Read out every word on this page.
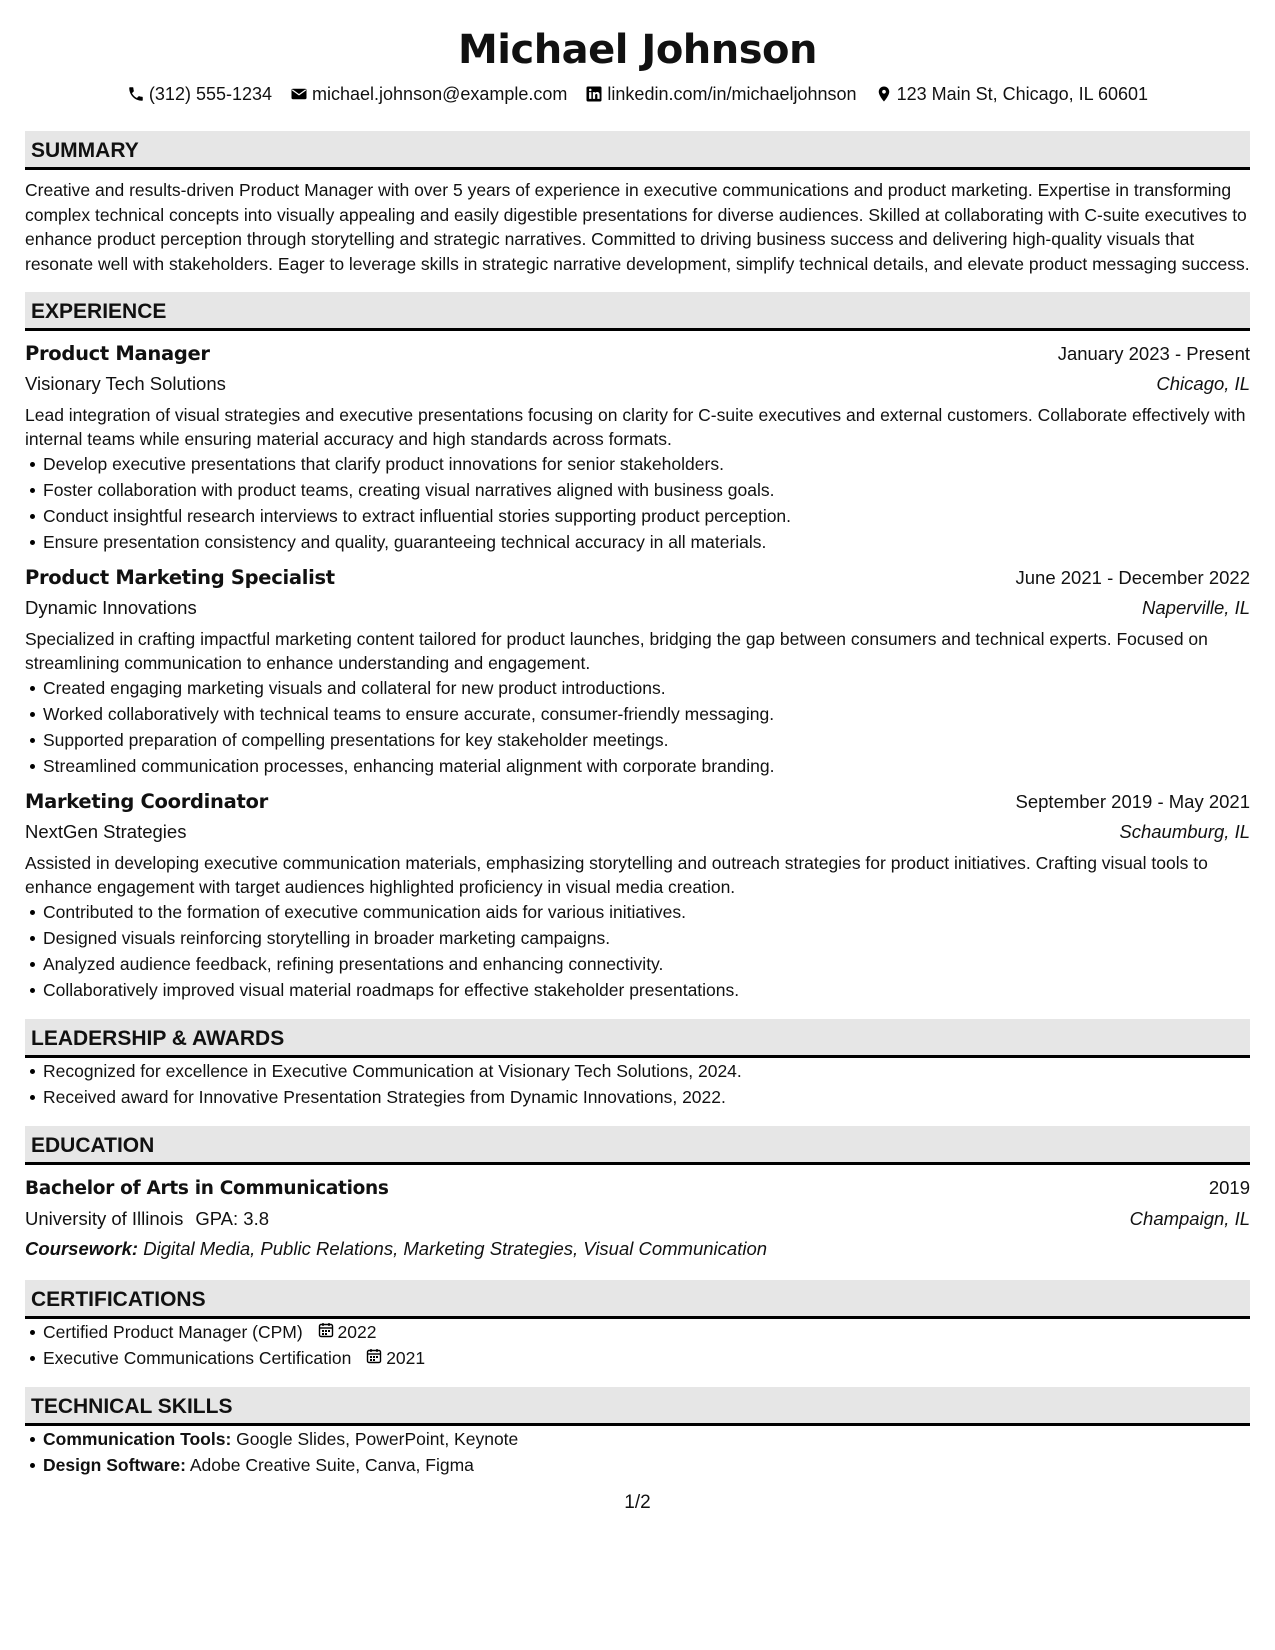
Michael Johnson
(312) 555-1234 michael.johnson@example.com linkedin.com/in/michaeljohnson 123 Main St, Chicago, IL 60601
SUMMARY
Creative and results-driven Product Manager with over 5 years of experience in executive communications and product marketing. Expertise in transforming complex technical concepts into visually appealing and easily digestible presentations for diverse audiences. Skilled at collaborating with C-suite executives to enhance product perception through storytelling and strategic narratives. Committed to driving business success and delivering high-quality visuals that resonate well with stakeholders. Eager to leverage skills in strategic narrative development, simplify technical details, and elevate product messaging success.
EXPERIENCE
Product Manager	January 2023 - Present
Visionary Tech Solutions	Chicago, IL
Lead integration of visual strategies and executive presentations focusing on clarity for C-suite executives and external customers. Collaborate effectively with internal teams while ensuring material accuracy and high standards across formats.
Develop executive presentations that clarify product innovations for senior stakeholders.
Foster collaboration with product teams, creating visual narratives aligned with business goals.
Conduct insightful research interviews to extract influential stories supporting product perception.
Ensure presentation consistency and quality, guaranteeing technical accuracy in all materials.
Product Marketing Specialist	June 2021 - December 2022
Dynamic Innovations	Naperville, IL
Specialized in crafting impactful marketing content tailored for product launches, bridging the gap between consumers and technical experts. Focused on streamlining communication to enhance understanding and engagement.
Created engaging marketing visuals and collateral for new product introductions.
Worked collaboratively with technical teams to ensure accurate, consumer-friendly messaging.
Supported preparation of compelling presentations for key stakeholder meetings.
Streamlined communication processes, enhancing material alignment with corporate branding.
Marketing Coordinator	September 2019 - May 2021
NextGen Strategies	Schaumburg, IL
Assisted in developing executive communication materials, emphasizing storytelling and outreach strategies for product initiatives. Crafting visual tools to enhance engagement with target audiences highlighted proficiency in visual media creation.
Contributed to the formation of executive communication aids for various initiatives.
Designed visuals reinforcing storytelling in broader marketing campaigns.
Analyzed audience feedback, refining presentations and enhancing connectivity.
Collaboratively improved visual material roadmaps for effective stakeholder presentations.
LEADERSHIP & AWARDS
Recognized for excellence in Executive Communication at Visionary Tech Solutions, 2024.
Received award for Innovative Presentation Strategies from Dynamic Innovations, 2022.
EDUCATION
Bachelor of Arts in Communications	2019
University of Illinois GPA: 3.8	Champaign, IL
Coursework: Digital Media, Public Relations, Marketing Strategies, Visual Communication
CERTIFICATIONS
Certified Product Manager (CPM) 2022
Executive Communications Certification 2021
TECHNICAL SKILLS
Communication Tools: Google Slides, PowerPoint, Keynote
Design Software: Adobe Creative Suite, Canva, Figma
1/2
